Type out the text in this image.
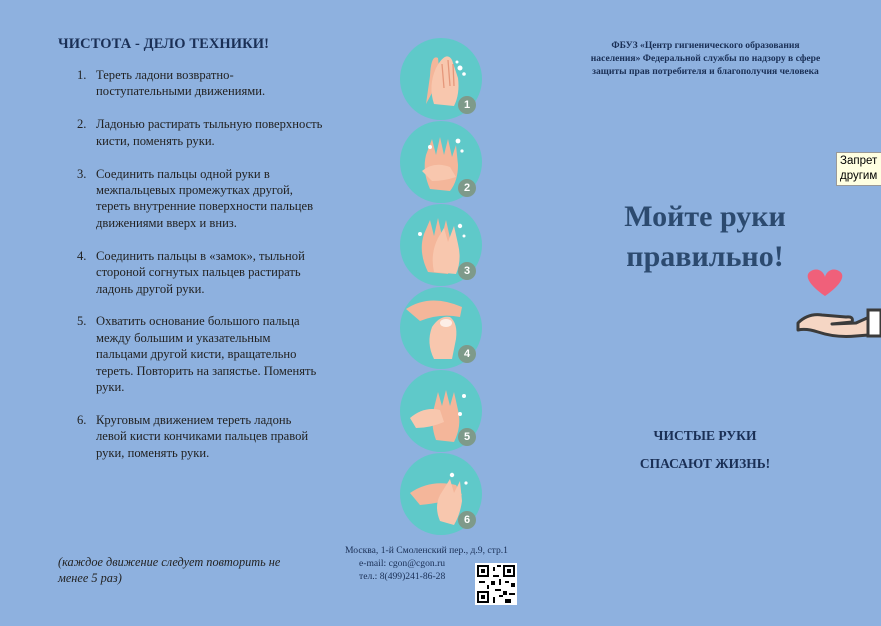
ЧИСТОТА - ДЕЛО ТЕХНИКИ!
1. Тереть ладони возвратно-поступательными движениями.
2. Ладонью растирать тыльную поверхность кисти, поменять руки.
3. Соединить пальцы одной руки в межпальцевых промежутках другой, тереть внутренние поверхности пальцев движениями вверх и вниз.
4. Соединить пальцы в «замок», тыльной стороной согнутых пальцев растирать ладонь другой руки.
5. Охватить основание большого пальца между большим и указательным пальцами другой кисти, вращательно тереть. Повторить на запястье. Поменять руки.
6. Круговым движением тереть ладонь левой кисти кончиками пальцев правой руки, поменять руки.
(каждое движение следует повторить не менее 5 раз)
1
2
3
4
5
6
Москва, 1-й Смоленский пер., д.9, стр.1
e-mail: cgon@cgon.ru
тел.: 8(499)241-86-28
ФБУЗ «Центр гигиенического образования населения» Федеральной службы по надзору в сфере защиты прав потребителя и благополучия человека
Мойте руки
правильно!
ЧИСТЫЕ РУКИ
СПАСАЮТ ЖИЗНЬ!
Запрет
другим
